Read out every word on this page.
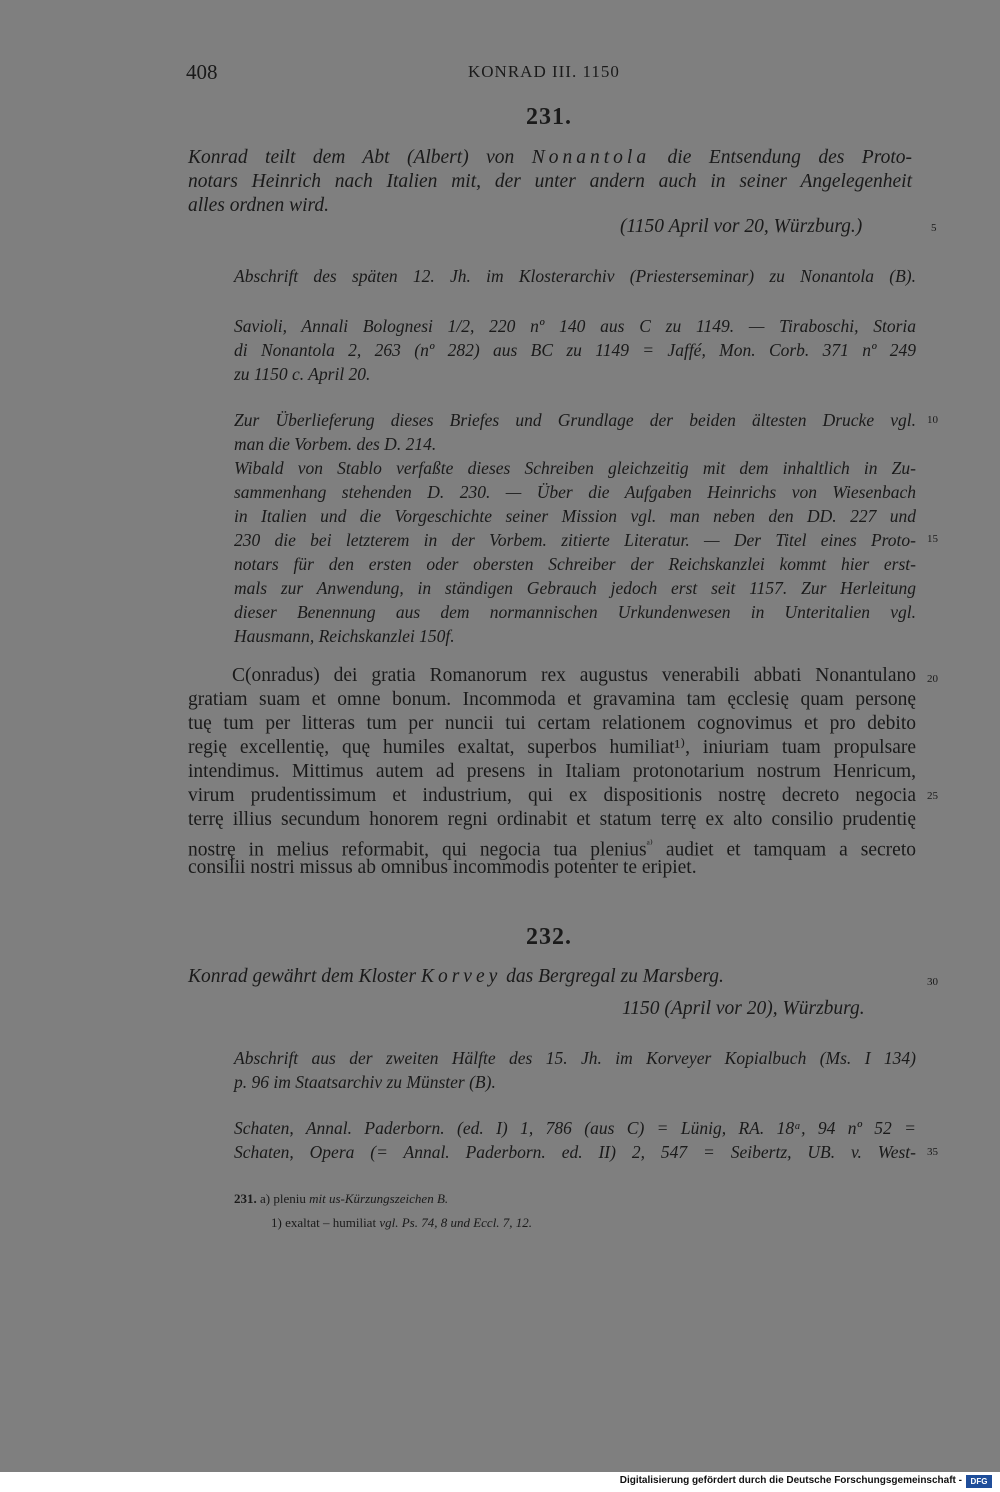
408	KONRAD III. 1150
231.
Konrad teilt dem Abt (Albert) von Nonantola die Entsendung des Proto-
notars Heinrich nach Italien mit, der unter andern auch in seiner Angelegenheit
alles ordnen wird.
(1150 April vor 20, Würzburg.)
Abschrift des späten 12. Jh. im Klosterarchiv (Priesterseminar) zu Nonantola (B).
Savioli, Annali Bolognesi 1/2, 220 nº 140 aus C zu 1149. — Tiraboschi, Storia
di Nonantola 2, 263 (nº 282) aus BC zu 1149 = Jaffé, Mon. Corb. 371 nº 249
zu 1150 c. April 20.
Zur Überlieferung dieses Briefes und Grundlage der beiden ältesten Drucke vgl.
man die Vorbem. des D. 214.
Wibald von Stablo verfaßte dieses Schreiben gleichzeitig mit dem inhaltlich in Zu-
sammenhang stehenden D. 230. — Über die Aufgaben Heinrichs von Wiesenbach
in Italien und die Vorgeschichte seiner Mission vgl. man neben den DD. 227 und
230 die bei letzterem in der Vorbem. zitierte Literatur. — Der Titel eines Proto-
notars für den ersten oder obersten Schreiber der Reichskanzlei kommt hier erst-
mals zur Anwendung, in ständigen Gebrauch jedoch erst seit 1157. Zur Herleitung
dieser Benennung aus dem normannischen Urkundenwesen in Unteritalien vgl.
Hausmann, Reichskanzlei 150f.
C(onradus) dei gratia Romanorum rex augustus venerabili abbati Nonantulano
gratiam suam et omne bonum. Incommoda et gravamina tam ęcclesię quam personę
tuę tum per litteras tum per nuncii tui certam relationem cognovimus et pro debito
regię excellentię, quę humiles exaltat, superbos humiliat¹⁾, iniuriam tuam propulsare
intendimus. Mittimus autem ad presens in Italiam protonotarium nostrum Henricum,
virum prudentissimum et industrium, qui ex dispositionis nostrę decreto negocia
terrę illius secundum honorem regni ordinabit et statum terrę ex alto consilio prudentię
nostrę in melius reformabit, qui negocia tua plenius$^{ᵃ^)}$ audiet et tamquam a secreto
consilii nostri missus ab omnibus incommodis potenter te eripiet.
232.
Konrad gewährt dem Kloster Korvey das Bergregal zu Marsberg.
1150 (April vor 20), Würzburg.
Abschrift aus der zweiten Hälfte des 15. Jh. im Korveyer Kopialbuch (Ms. I 134)
p. 96 im Staatsarchiv zu Münster (B).
Schaten, Annal. Paderborn. (ed. I) 1, 786 (aus C) = Lünig, RA. 18ᵃ, 94 nº 52 =
Schaten, Opera (= Annal. Paderborn. ed. II) 2, 547 = Seibertz, UB. v. West-
231. a) pleniu mit us-Kürzungszeichen B.
1) exaltat – humiliat vgl. Ps. 74, 8 und Eccl. 7, 12.
5
10
15
20
25
30
35
Digitalisierung gefördert durch die Deutsche Forschungsgemeinschaft -	DFG
